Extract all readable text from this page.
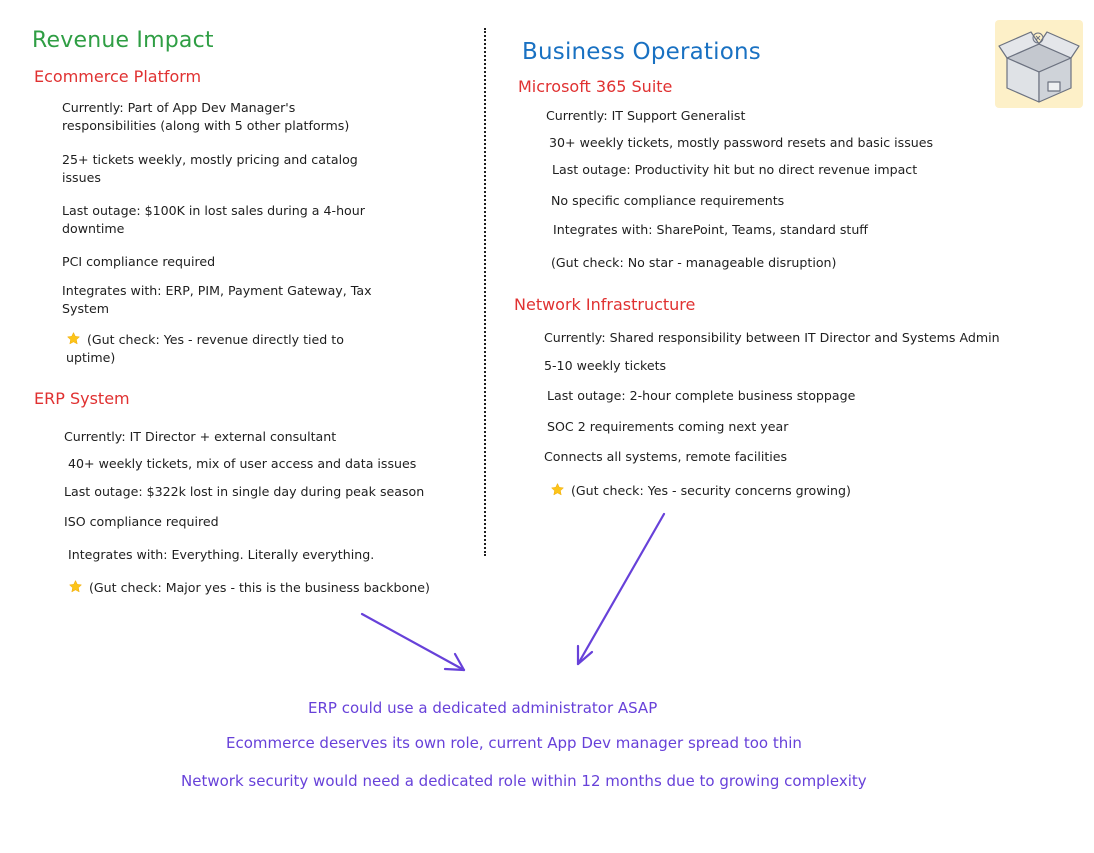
Revenue Impact
Ecommerce Platform
Currently: Part of App Dev Manager's responsibilities (along with 5 other platforms)
25+ tickets weekly, mostly pricing and catalog issues
Last outage: $100K in lost sales during a 4-hour downtime
PCI compliance required
Integrates with: ERP, PIM, Payment Gateway, Tax System
(Gut check: Yes - revenue directly tied to uptime)
ERP System
Currently: IT Director + external consultant
40+ weekly tickets, mix of user access and data issues
Last outage: $322k lost in single day during peak season
ISO compliance required
Integrates with: Everything. Literally everything.
(Gut check: Major yes - this is the business backbone)
Business Operations
Microsoft 365 Suite
Currently: IT Support Generalist
30+ weekly tickets, mostly password resets and basic issues
Last outage: Productivity hit but no direct revenue impact
No specific compliance requirements
Integrates with: SharePoint, Teams, standard stuff
(Gut check: No star - manageable disruption)
Network Infrastructure
Currently: Shared responsibility between IT Director and Systems Admin
5-10 weekly tickets
Last outage: 2-hour complete business stoppage
SOC 2 requirements coming next year
Connects all systems, remote facilities
(Gut check: Yes - security concerns growing)
ERP could use a dedicated administrator ASAP
Ecommerce deserves its own role, current App Dev manager spread too thin
Network security would need a dedicated role within 12 months due to growing complexity
